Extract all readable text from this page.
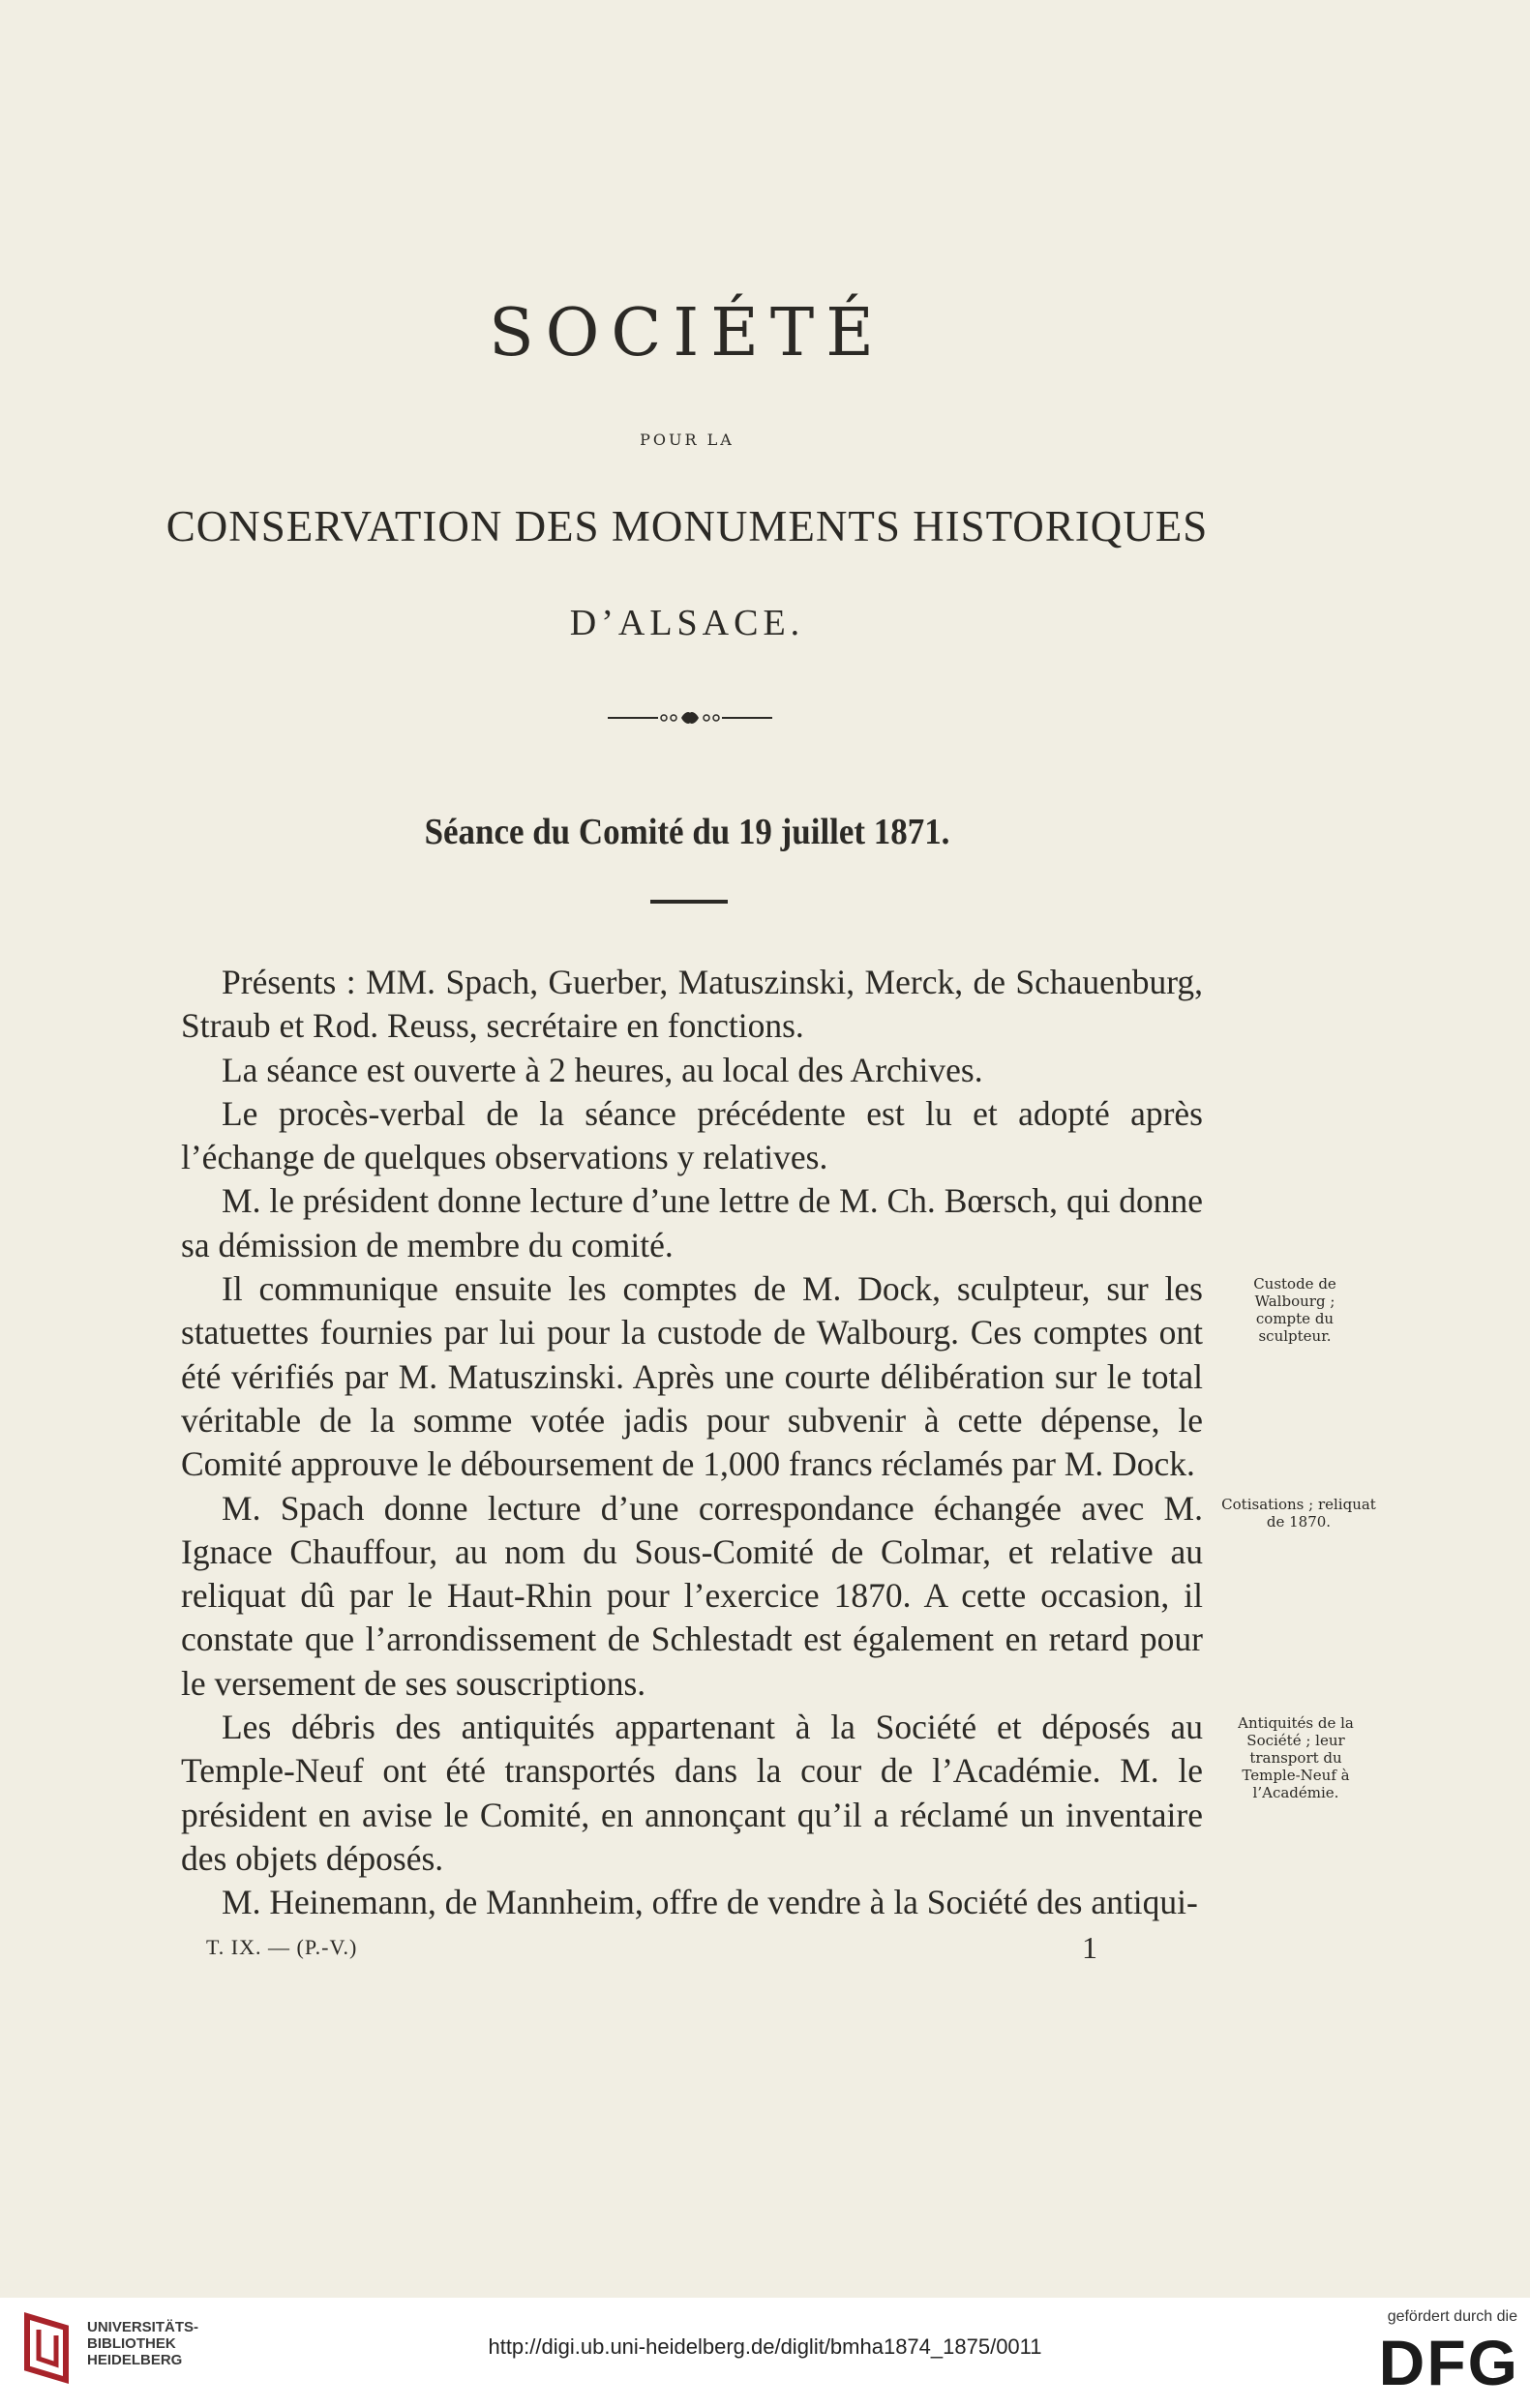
SOCIÉTÉ
POUR LA
CONSERVATION DES MONUMENTS HISTORIQUES
D’ALSACE.
Séance du Comité du 19 juillet 1871.

Présents : MM. Spach, Guerber, Matuszinski, Merck, de Schauenburg, Straub et Rod. Reuss, secrétaire en fonctions.

La séance est ouverte à 2 heures, au local des Archives.

Le procès-verbal de la séance précédente est lu et adopté après l’échange de quelques observations y relatives.

M. le président donne lecture d’une lettre de M. Ch. Bœrsch, qui donne sa démission de membre du comité.

Il communique ensuite les comptes de M. Dock, sculpteur, sur les statuettes fournies par lui pour la custode de Walbourg. Ces comptes ont été vérifiés par M. Matuszinski. Après une courte délibération sur le total véritable de la somme votée jadis pour subvenir à cette dépense, le Comité approuve le déboursement de 1,000 francs réclamés par M. Dock.

M. Spach donne lecture d’une correspondance échangée avec M. Ignace Chauffour, au nom du Sous-Comité de Colmar, et relative au reliquat dû par le Haut-Rhin pour l’exercice 1870. A cette occasion, il constate que l’arrondissement de Schlestadt est également en retard pour le versement de ses souscriptions.

Les débris des antiquités appartenant à la Société et déposés au Temple-Neuf ont été transportés dans la cour de l’Académie. M. le président en avise le Comité, en annonçant qu’il a réclamé un inventaire des objets déposés.

M. Heinemann, de Mannheim, offre de vendre à la Société des antiqui-

Custode de Walbourg ; compte du sculpteur.
Cotisations ; reliquat de 1870.
Antiquités de la Société ; leur transport du Temple-Neuf à l’Académie.
T. IX. — (P.-V.)	1
UNIVERSITÄTS-
BIBLIOTHEK
HEIDELBERG
http://digi.ub.uni-heidelberg.de/diglit/bmha1874_1875/0011
gefördert durch die
DFG
